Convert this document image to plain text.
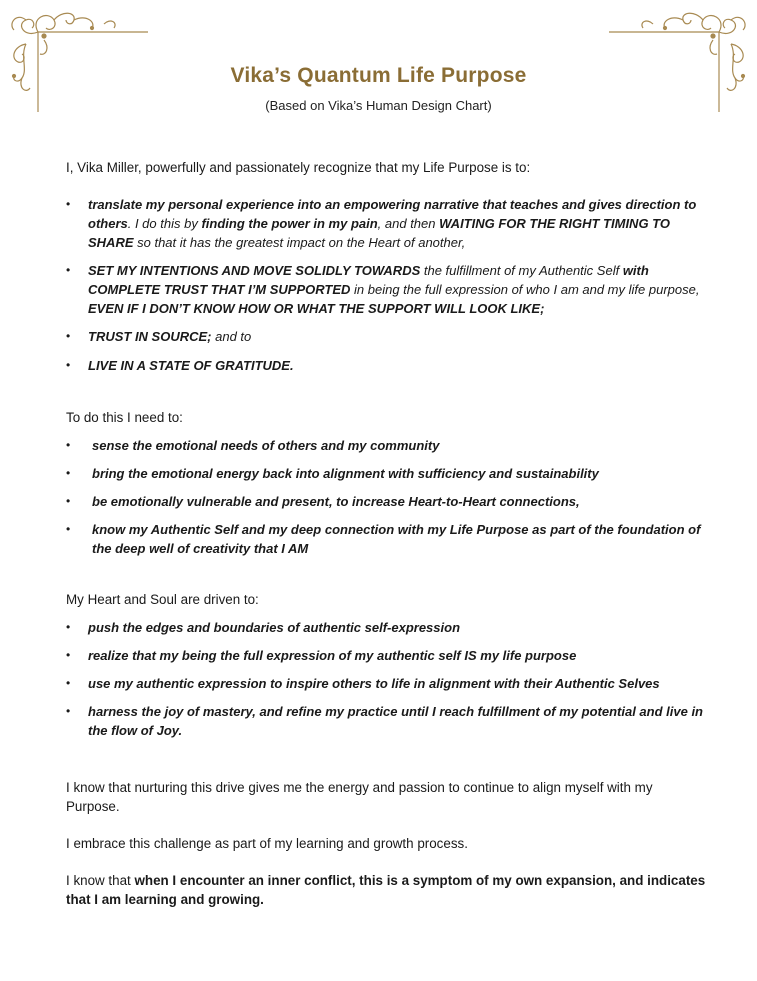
Vika’s Quantum Life Purpose
(Based on Vika’s Human Design Chart)

I, Vika Miller, powerfully and passionately recognize that my Life Purpose is to:

• translate my personal experience into an empowering narrative that teaches and gives direction to others. I do this by finding the power in my pain, and then WAITING FOR THE RIGHT TIMING TO SHARE so that it has the greatest impact on the Heart of another,
• SET MY INTENTIONS AND MOVE SOLIDLY TOWARDS the fulfillment of my Authentic Self with COMPLETE TRUST THAT I’M SUPPORTED in being the full expression of who I am and my life purpose, EVEN IF I DON’T KNOW HOW OR WHAT THE SUPPORT WILL LOOK LIKE;
• TRUST IN SOURCE; and to
• LIVE IN A STATE OF GRATITUDE.

To do this I need to:

• sense the emotional needs of others and my community
• bring the emotional energy back into alignment with sufficiency and sustainability
• be emotionally vulnerable and present, to increase Heart-to-Heart connections,
• know my Authentic Self and my deep connection with my Life Purpose as part of the foundation of the deep well of creativity that I AM

My Heart and Soul are driven to:

• push the edges and boundaries of authentic self-expression
• realize that my being the full expression of my authentic self IS my life purpose
• use my authentic expression to inspire others to life in alignment with their Authentic Selves
• harness the joy of mastery, and refine my practice until I reach fulfillment of my potential and live in the flow of Joy.

I know that nurturing this drive gives me the energy and passion to continue to align myself with my Purpose.

I embrace this challenge as part of my learning and growth process.

I know that when I encounter an inner conflict, this is a symptom of my own expansion, and indicates that I am learning and growing.
